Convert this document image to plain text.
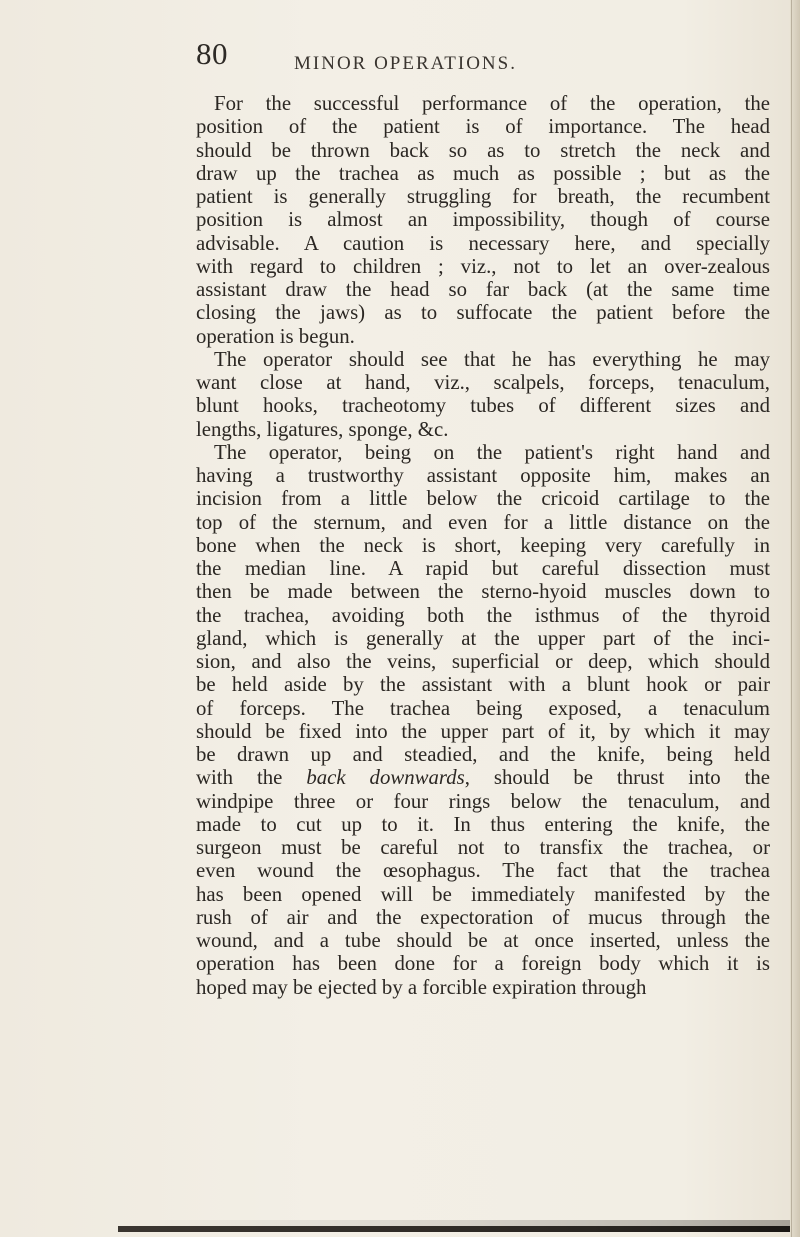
80	MINOR OPERATIONS.
For the successful performance of the operation, the
position of the patient is of importance. The head
should be thrown back so as to stretch the neck and
draw up the trachea as much as possible ; but as the
patient is generally struggling for breath, the recumbent
position is almost an impossibility, though of course
advisable. A caution is necessary here, and specially
with regard to children ; viz., not to let an over-zealous
assistant draw the head so far back (at the same time
closing the jaws) as to suffocate the patient before the
operation is begun.
The operator should see that he has everything he may
want close at hand, viz., scalpels, forceps, tenaculum,
blunt hooks, tracheotomy tubes of different sizes and
lengths, ligatures, sponge, &c.
The operator, being on the patient's right hand and
having a trustworthy assistant opposite him, makes an
incision from a little below the cricoid cartilage to the
top of the sternum, and even for a little distance on the
bone when the neck is short, keeping very carefully in
the median line. A rapid but careful dissection must
then be made between the sterno-hyoid muscles down to
the trachea, avoiding both the isthmus of the thyroid
gland, which is generally at the upper part of the inci-
sion, and also the veins, superficial or deep, which should
be held aside by the assistant with a blunt hook or pair
of forceps. The trachea being exposed, a tenaculum
should be fixed into the upper part of it, by which it may
be drawn up and steadied, and the knife, being held
with the back downwards, should be thrust into the
windpipe three or four rings below the tenaculum, and
made to cut up to it. In thus entering the knife, the
surgeon must be careful not to transfix the trachea, or
even wound the œsophagus. The fact that the trachea
has been opened will be immediately manifested by the
rush of air and the expectoration of mucus through the
wound, and a tube should be at once inserted, unless the
operation has been done for a foreign body which it is
hoped may be ejected by a forcible expiration through
